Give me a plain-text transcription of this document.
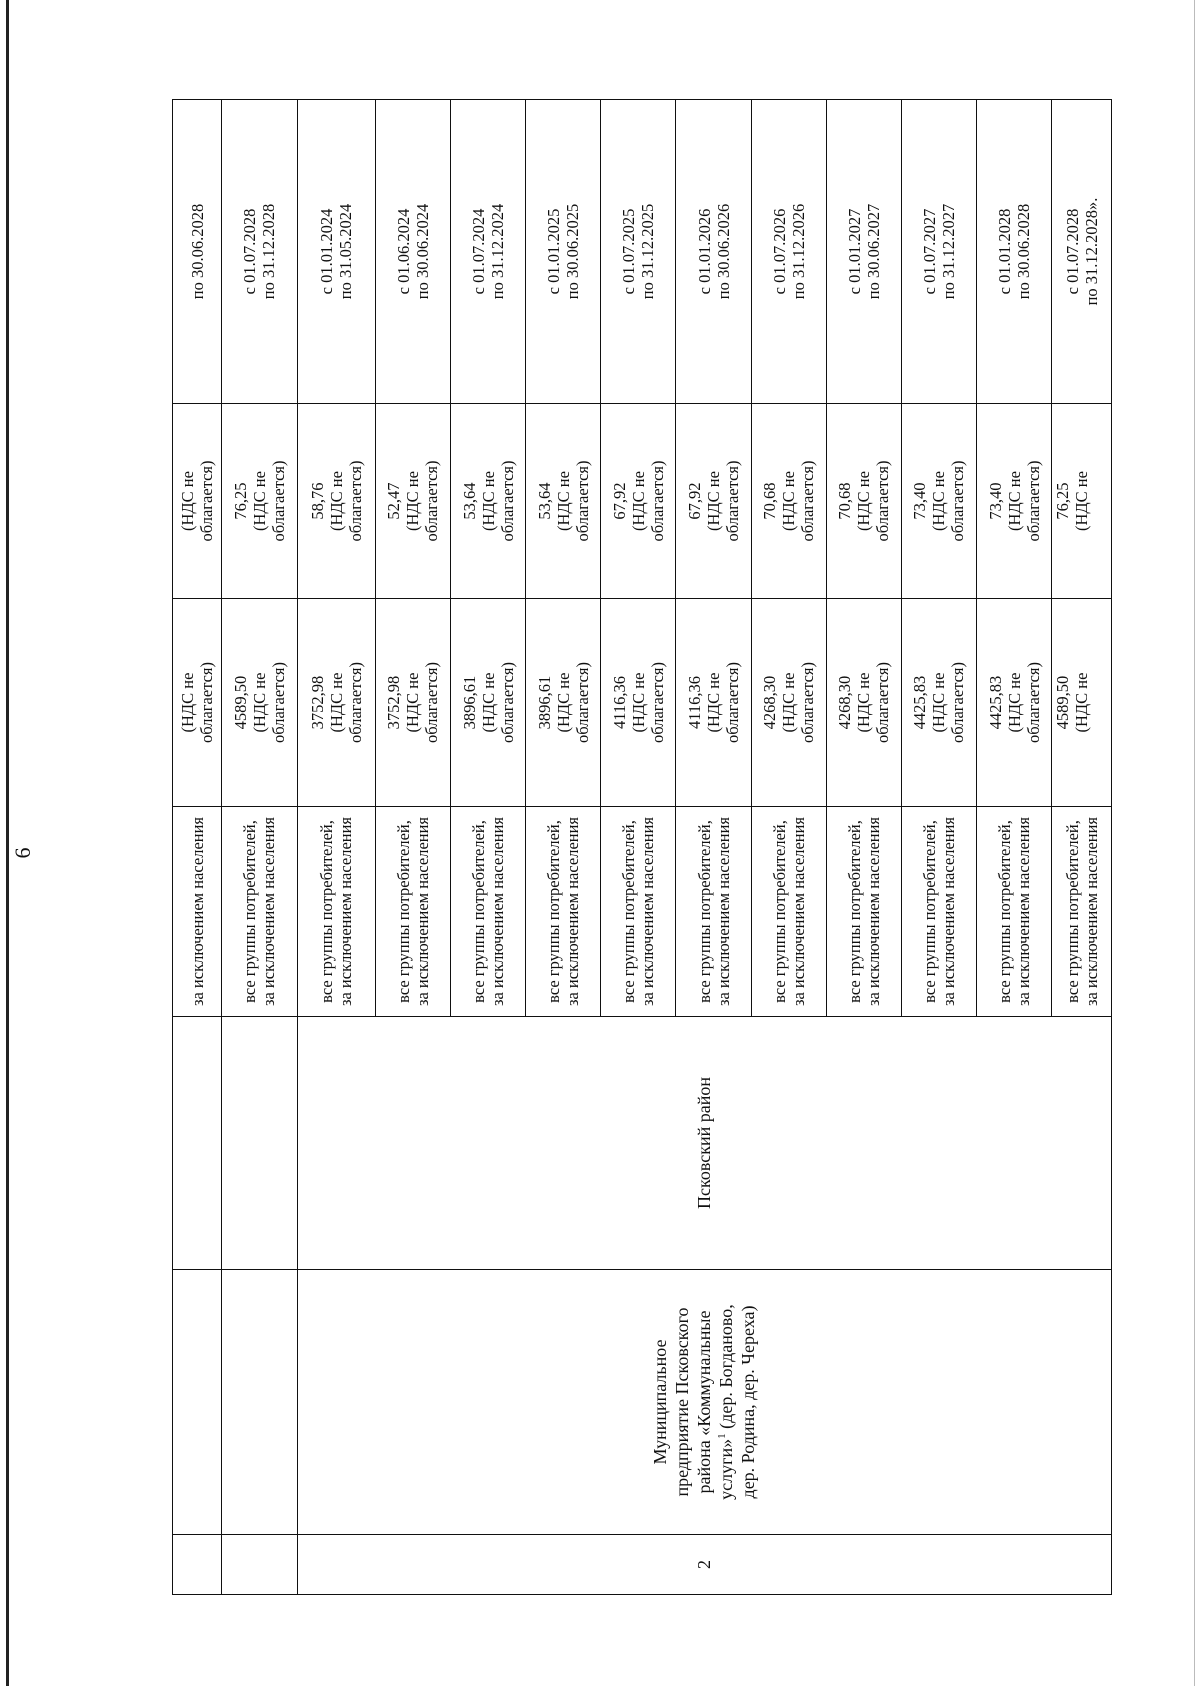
6

			за исключением населения	(НДС не облагается)	(НДС не облагается)	по 30.06.2028

			все группы потребителей, за исключением населения	4589,50 (НДС не облагается)	76,25 (НДС не облагается)	с 01.07.2028 по 31.12.2028

2	Муниципальное предприятие Псковского района «Коммунальные услуги»$^1$ (дер. Богданово, дер. Родина, дер. Череха)	Псковский район	все группы потребителей, за исключением населения	3752,98 (НДС не облагается)	58,76 (НДС не облагается)	с 01.01.2024 по 31.05.2024

			все группы потребителей, за исключением населения	3752,98 (НДС не облагается)	52,47 (НДС не облагается)	с 01.06.2024 по 30.06.2024

			все группы потребителей, за исключением населения	3896,61 (НДС не облагается)	53,64 (НДС не облагается)	с 01.07.2024 по 31.12.2024

			все группы потребителей, за исключением населения	3896,61 (НДС не облагается)	53,64 (НДС не облагается)	с 01.01.2025 по 30.06.2025

			все группы потребителей, за исключением населения	4116,36 (НДС не облагается)	67,92 (НДС не облагается)	с 01.07.2025 по 31.12.2025

			все группы потребителей, за исключением населения	4116,36 (НДС не облагается)	67,92 (НДС не облагается)	с 01.01.2026 по 30.06.2026

			все группы потребителей, за исключением населения	4268,30 (НДС не облагается)	70,68 (НДС не облагается)	с 01.07.2026 по 31.12.2026

			все группы потребителей, за исключением населения	4268,30 (НДС не облагается)	70,68 (НДС не облагается)	с 01.01.2027 по 30.06.2027

			все группы потребителей, за исключением населения	4425,83 (НДС не облагается)	73,40 (НДС не облагается)	с 01.07.2027 по 31.12.2027

			все группы потребителей, за исключением населения	4425,83 (НДС не облагается)	73,40 (НДС не облагается)	с 01.01.2028 по 30.06.2028

			все группы потребителей, за исключением населения	4589,50 (НДС не	76,25 (НДС не	с 01.07.2028 по 31.12.2028».
